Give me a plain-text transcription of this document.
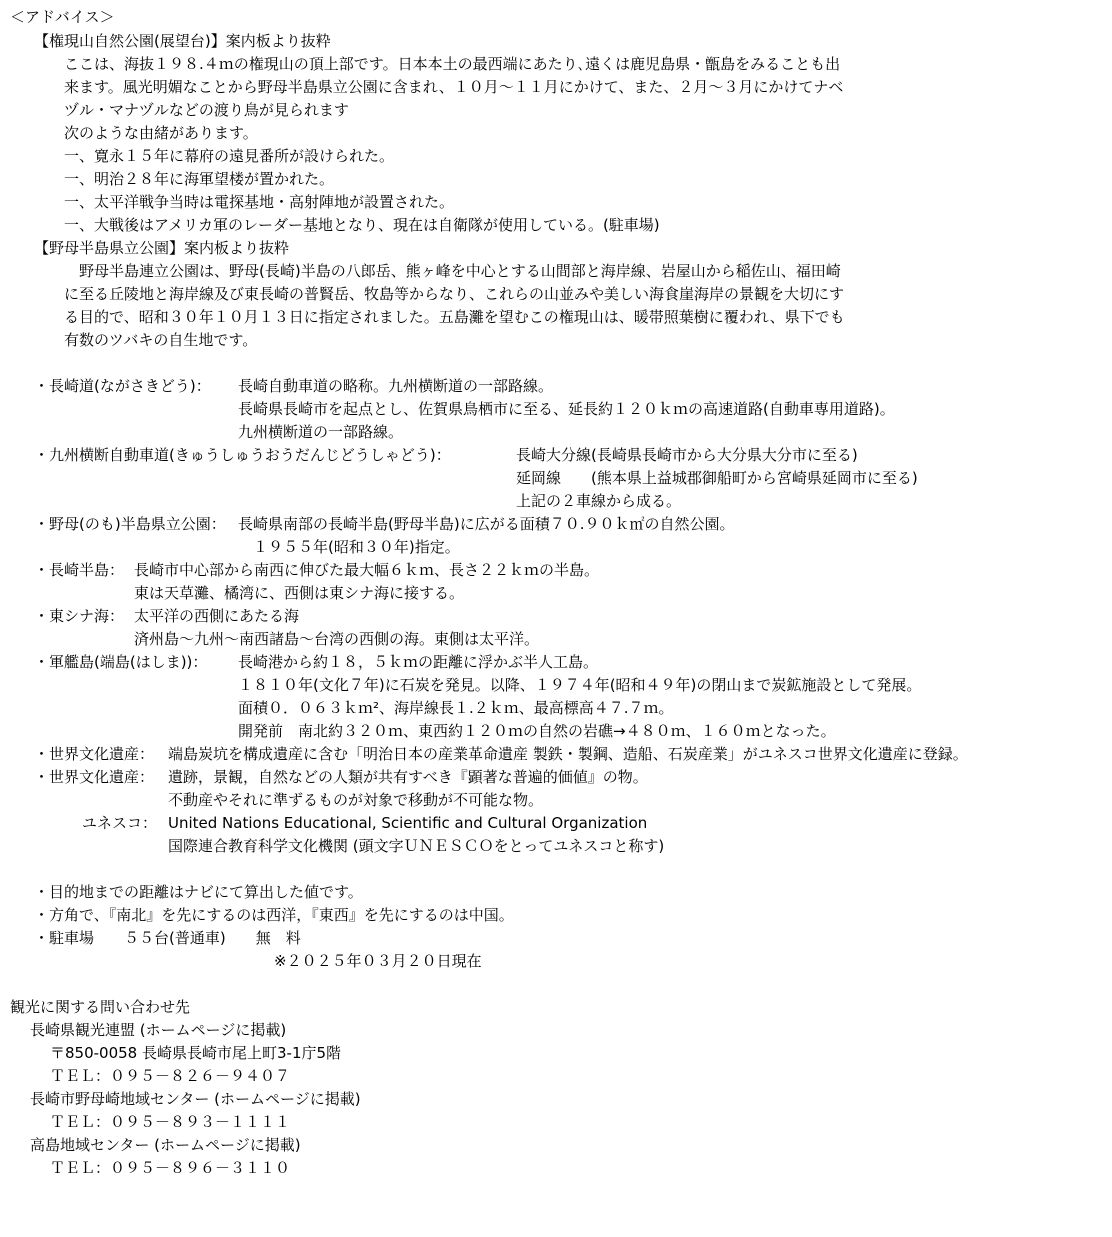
＜アドバイス＞
【権現山自然公園(展望台)】案内板より抜粋
ここは、海抜１９８.４ｍの権現山の頂上部です。日本本土の最西端にあたり､遠くは鹿児島県・甑島をみることも出
来ます。風光明媚なことから野母半島県立公園に含まれ、１０月～１１月にかけて、また、２月～３月にかけてナベ
ヅル・マナヅルなどの渡り鳥が見られます
次のような由緒があります。
一、寛永１５年に幕府の遠見番所が設けられた。
一、明治２８年に海軍望楼が置かれた。
一、太平洋戦争当時は電探基地・高射陣地が設置された。
一、大戦後はアメリカ軍のレーダー基地となり、現在は自衛隊が使用している。(駐車場)
【野母半島県立公園】案内板より抜粋
　野母半島連立公園は、野母(長崎)半島の八郎岳、熊ヶ峰を中心とする山間部と海岸線、岩屋山から稲佐山、福田崎
に至る丘陵地と海岸線及び東長崎の普賢岳、牧島等からなり、これらの山並みや美しい海食崖海岸の景観を大切にす
る目的で、昭和３０年１０月１３日に指定されました。五島灘を望むこの権現山は、暖帯照葉樹に覆われ、県下でも
有数のツバキの自生地です。
・長崎道(ながさきどう)： 長崎自動車道の略称。九州横断道の一部路線。
長崎県長崎市を起点とし、佐賀県鳥栖市に至る、延長約１２０ｋｍの高速道路(自動車専用道路)。
九州横断道の一部路線。
・九州横断自動車道(きゅうしゅうおうだんじどうしゃどう)：	長崎大分線(長崎県長崎市から大分県大分市に至る)
延岡線　　(熊本県上益城郡御船町から宮崎県延岡市に至る)
上記の２車線から成る。
・野母(のも)半島県立公園： 長崎県南部の長崎半島(野母半島)に広がる面積７０.９０ｋ㎡の自然公園。
　１９５５年(昭和３０年)指定。
・長崎半島： 長崎市中心部から南西に伸びた最大幅６ｋｍ、長さ２２ｋｍの半島。
東は天草灘、橘湾に、西側は東シナ海に接する。
・東シナ海： 太平洋の西側にあたる海
済州島～九州～南西諸島～台湾の西側の海。東側は太平洋。
・軍艦島(端島(はしま))： 長崎港から約１８，５ｋｍの距離に浮かぶ半人工島。
１８１０年(文化７年)に石炭を発見。以降、１９７４年(昭和４９年)の閉山まで炭鉱施設として発展。
面積０．０６３ｋｍ²、海岸線長１.２ｋｍ、最高標高４７.７ｍ。
開発前　南北約３２０ｍ、東西約１２０ｍの自然の岩礁→４８０ｍ、１６０ｍとなった。
・世界文化遺産： 端島炭坑を構成遺産に含む「明治日本の産業革命遺産 製鉄・製鋼、造船、石炭産業」がユネスコ世界文化遺産に登録。
・世界文化遺産： 遺跡，景観，自然などの人類が共有すべき『顕著な普遍的価値』の物。
不動産やそれに準ずるものが対象で移動が不可能な物。
ユネスコ： United Nations Educational, Scientific and Cultural Organization
国際連合教育科学文化機関 (頭文字ＵＮＥＳＣＯをとってユネスコと称す)
・目的地までの距離はナビにて算出した値です。
・方角で、『南北』を先にするのは西洋，『東西』を先にするのは中国。
・駐車場　　５５台(普通車)　　無　料
※２０２５年０３月２０日現在
観光に関する問い合わせ先
長崎県観光連盟 (ホームページに掲載)
〒850-0058 長崎県長崎市尾上町3-1庁5階
ＴＥＬ：０９５－８２６－９４０７
長崎市野母崎地域センター (ホームページに掲載)
ＴＥＬ：０９５－８９３－１１１１
高島地域センター (ホームページに掲載)
ＴＥＬ：０９５－８９６－３１１０
